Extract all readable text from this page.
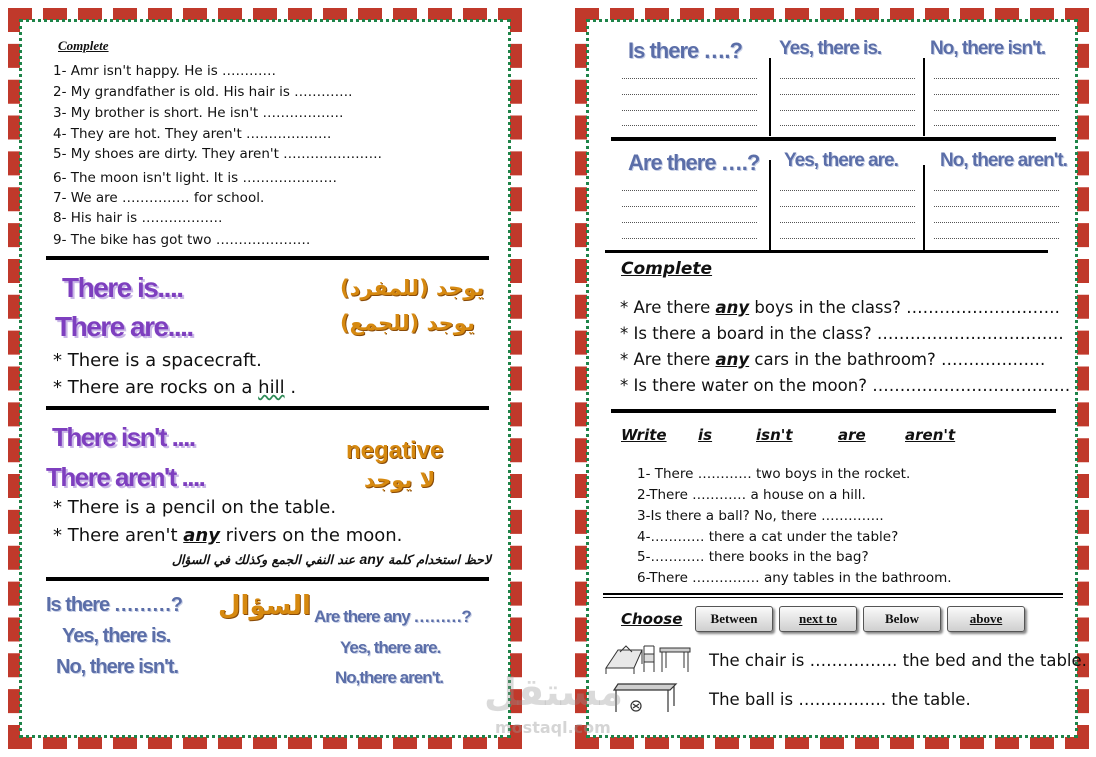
Complete
1- Amr isn't happy. He is …………
2- My grandfather is old. His hair is ………….
3- My brother is short. He isn't ………………
4- They are hot. They aren't ……………….
5- My shoes are dirty. They aren't ………………….
6- The moon isn't light. It is …………………
7- We are …………… for school.
8- His hair is ………………
9- The bike has got two …………………
There is....
There are....
يوجد (للمفرد)
يوجد (للجمع)
* There is a spacecraft.
* There are rocks on a hill .
There isn't ....
There aren't ....
negative
لا يوجد
* There is a pencil on the table.
* There aren't any rivers on the moon.
لاحظ استخدام كلمة any عند النفي الجمع وكذلك في السؤال
Is there ………?
Yes, there is.
No, there isn't.
السؤال Are there any ………?
Yes, there are.
No,there aren't.
Is there ….? Yes, there is.	No, there isn't.
Are there ….? Yes, there are. No, there aren't.
Complete
* Are there any boys in the class? ……………………….
* Is there a board in the class? …………………………….
* Are there any cars in the bathroom? ……………….
* Is there water on the moon? ………………………………
Write is	isn't	are	aren't
1- There ………… two boys in the rocket.
2-There ………… a house on a hill.
3-Is there a ball? No, there …………..
4-………… there a cat under the table?
5-………… there books in the bag?
6-There …………… any tables in the bathroom.
Choose	Between	next to	Below	above
The chair is ……………. the bed and the table.
The ball is ……………. the table.
مستقل
mostaql.com
